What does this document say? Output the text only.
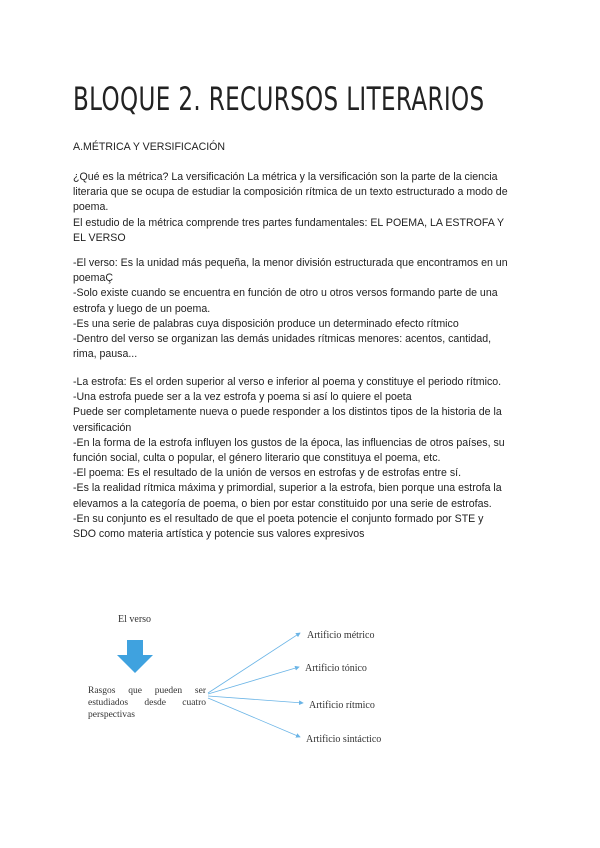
BLOQUE 2. RECURSOS LITERARIOS

A.MÉTRICA Y VERSIFICACIÓN

¿Qué es la métrica? La versificación La métrica y la versificación son la parte de la ciencia
literaria que se ocupa de estudiar la composición rítmica de un texto estructurado a modo de
poema.
El estudio de la métrica comprende tres partes fundamentales: EL POEMA, LA ESTROFA Y
EL VERSO

-El verso: Es la unidad más pequeña, la menor división estructurada que encontramos en un
poemaÇ
-Solo existe cuando se encuentra en función de otro u otros versos formando parte de una
estrofa y luego de un poema.
-Es una serie de palabras cuya disposición produce un determinado efecto rítmico
-Dentro del verso se organizan las demás unidades rítmicas menores: acentos, cantidad,
rima, pausa...

-La estrofa: Es el orden superior al verso e inferior al poema y constituye el periodo rítmico.
-Una estrofa puede ser a la vez estrofa y poema si así lo quiere el poeta
Puede ser completamente nueva o puede responder a los distintos tipos de la historia de la
versificación
-En la forma de la estrofa influyen los gustos de la época, las influencias de otros países, su
función social, culta o popular, el género literario que constituya el poema, etc.
-El poema: Es el resultado de la unión de versos en estrofas y de estrofas entre sí.
-Es la realidad rítmica máxima y primordial, superior a la estrofa, bien porque una estrofa la
elevamos a la categoría de poema, o bien por estar constituido por una serie de estrofas.
-En su conjunto es el resultado de que el poeta potencie el conjunto formado por STE y
SDO como materia artística y potencie sus valores expresivos

El verso
Rasgos que pueden ser estudiados desde cuatro perspectivas
Artificio métrico
Artificio tónico
Artificio rítmico
Artificio sintáctico
